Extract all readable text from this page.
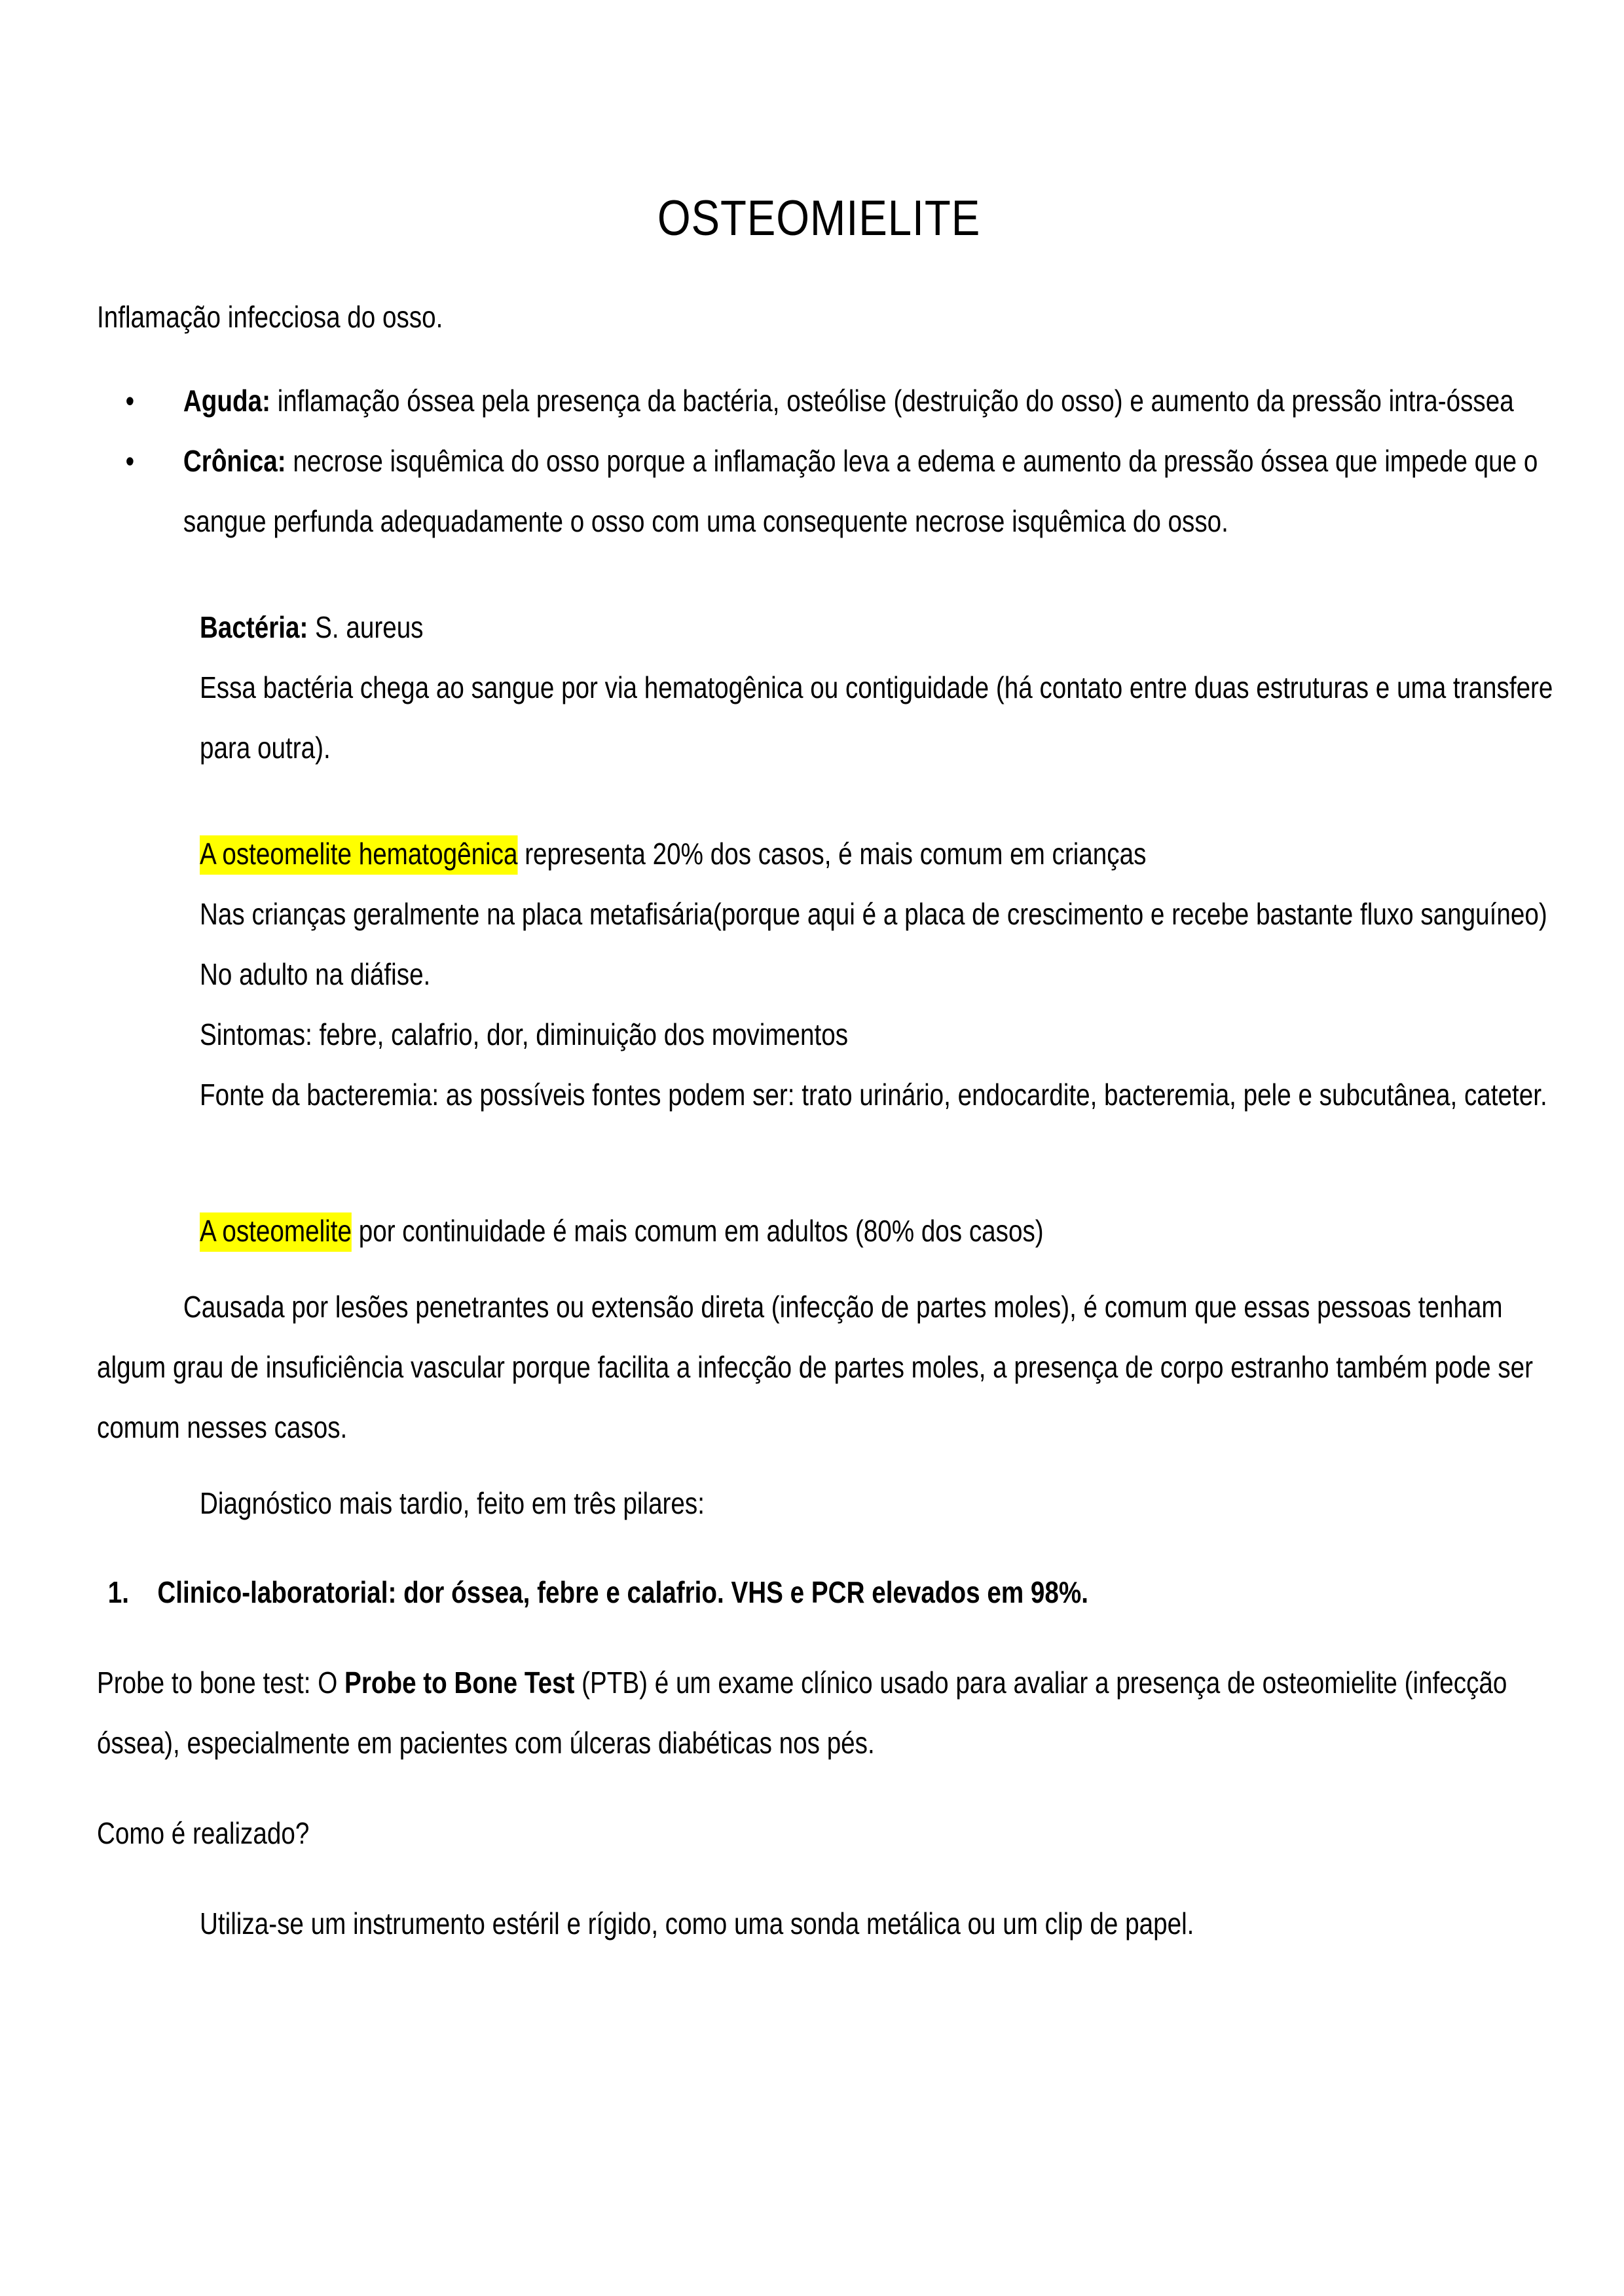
OSTEOMIELITE

Inflamação infecciosa do osso.

• Aguda: inflamação óssea pela presença da bactéria, osteólise (destruição do osso) e aumento da pressão intra-óssea
• Crônica: necrose isquêmica do osso porque a inflamação leva a edema e aumento da pressão óssea que impede que o sangue perfunda adequadamente o osso com uma consequente necrose isquêmica do osso.

Bactéria: S. aureus

Essa bactéria chega ao sangue por via hematogênica ou contiguidade (há contato entre duas estruturas e uma transfere para outra).

A osteomelite hematogênica representa 20% dos casos, é mais comum em crianças

Nas crianças geralmente na placa metafisária(porque aqui é a placa de crescimento e recebe bastante fluxo sanguíneo)

No adulto na diáfise.

Sintomas: febre, calafrio, dor, diminuição dos movimentos

Fonte da bacteremia: as possíveis fontes podem ser: trato urinário, endocardite, bacteremia, pele e subcutânea, cateter.

A osteomelite por continuidade é mais comum em adultos (80% dos casos)

Causada por lesões penetrantes ou extensão direta (infecção de partes moles), é comum que essas pessoas tenham algum grau de insuficiência vascular porque facilita a infecção de partes moles, a presença de corpo estranho também pode ser comum nesses casos.

Diagnóstico mais tardio, feito em três pilares:

Clinico-laboratorial: dor óssea, febre e calafrio. VHS e PCR elevados em 98%.

Probe to bone test: O Probe to Bone Test (PTB) é um exame clínico usado para avaliar a presença de osteomielite (infecção óssea), especialmente em pacientes com úlceras diabéticas nos pés.

Como é realizado?

Utiliza-se um instrumento estéril e rígido, como uma sonda metálica ou um clip de papel.
